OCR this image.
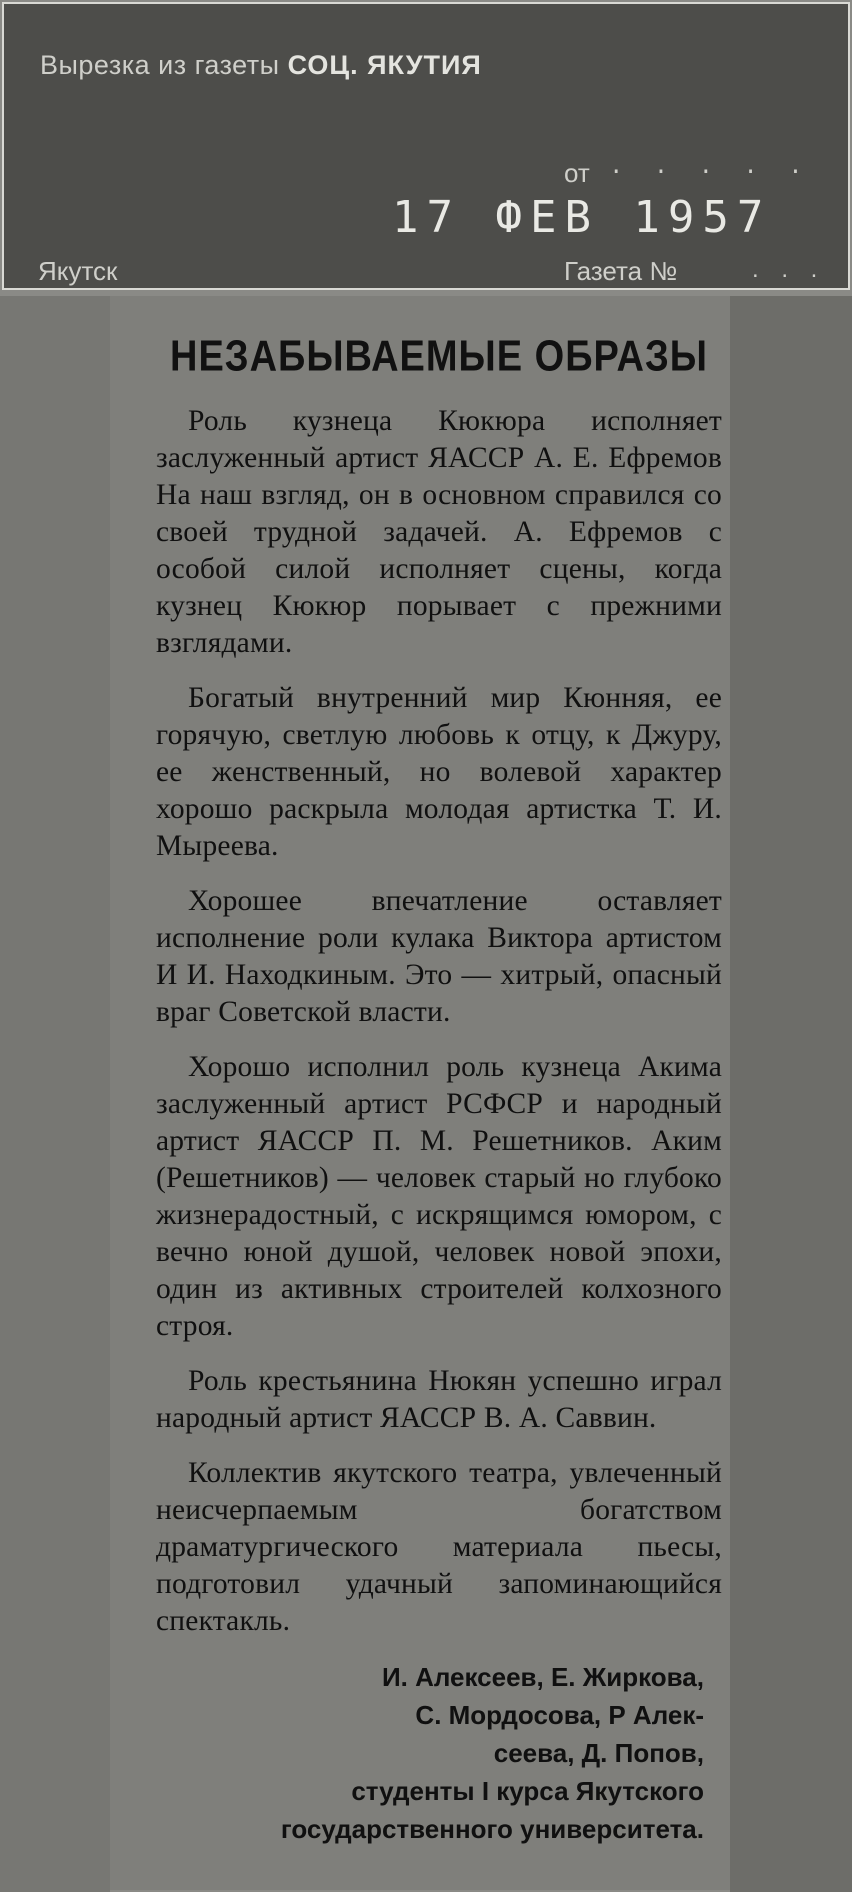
Вырезка из газеты СОЦ. ЯКУТИЯ
от . . . . .
17 ФЕВ 1957
Якутск	Газета №	. . .
НЕЗАБЫВАЕМЫЕ ОБРАЗЫ

Роль кузнеца Кюкюра исполняет заслуженный артист ЯАССР А. Е. Ефремов На наш взгляд, он в основном справился со своей трудной задачей. А. Ефремов с особой силой исполняет сцены, когда кузнец Кюкюр порывает с прежними взглядами.

Богатый внутренний мир Кюнняя, ее горячую, светлую любовь к отцу, к Джуру, ее женственный, но волевой характер хорошо раскрыла молодая артистка Т. И. Мыреева.

Хорошее впечатление оставляет исполнение роли кулака Виктора артистом И И. Находкиным. Это — хитрый, опасный враг Советской власти.

Хорошо исполнил роль кузнеца Акима заслуженный артист РСФСР и народный артист ЯАССР П. М. Решетников. Аким (Решетников) — человек старый но глубоко жизнерадостный, с искрящимся юмором, с вечно юной душой, человек новой эпохи, один из активных строителей колхозного строя.

Роль крестьянина Нюкян успешно играл народный артист ЯАССР В. А. Саввин.

Коллектив якутского театра, увлеченный неисчерпаемым богатством драматургического материала пьесы, подготовил удачный запоминающийся спектакль.

И. Алексеев, Е. Жиркова,
С. Мордосова, Р Алек-
сеева, Д. Попов,
студенты I курса Якутского
государственного университета.
